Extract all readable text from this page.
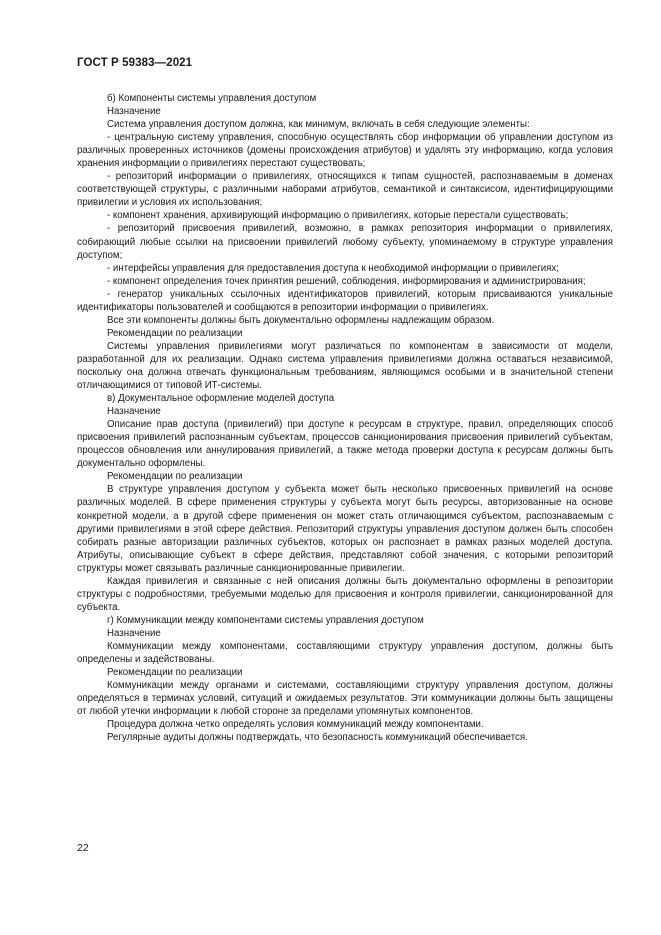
ГОСТ Р 59383—2021

б) Компоненты системы управления доступом

Назначение

Система управления доступом должна, как минимум, включать в себя следующие элементы:

- центральную систему управления, способную осуществлять сбор информации об управлении доступом из различных проверенных источников (домены происхождения атрибутов) и удалять эту информацию, когда условия хранения информации о привилегиях перестают существовать;

- репозиторий информации о привилегиях, относящихся к типам сущностей, распознаваемым в доменах соответствующей структуры, с различными наборами атрибутов, семантикой и синтаксисом, идентифицирующими привилегии и условия их использования;

- компонент хранения, архивирующий информацию о привилегиях, которые перестали существовать;

- репозиторий присвоения привилегий, возможно, в рамках репозитория информации о привилегиях, собирающий любые ссылки на присвоении привилегий любому субъекту, упоминаемому в структуре управления доступом;

- интерфейсы управления для предоставления доступа к необходимой информации о привилегиях;

- компонент определения точек принятия решений, соблюдения, информирования и администрирования;

- генератор уникальных ссылочных идентификаторов привилегий, которым присваиваются уникальные идентификаторы пользователей и сообщаются в репозитории информации о привилегиях.

Все эти компоненты должны быть документально оформлены надлежащим образом.

Рекомендации по реализации

Системы управления привилегиями могут различаться по компонентам в зависимости от модели, разработанной для их реализации. Однако система управления привилегиями должна оставаться независимой, поскольку она должна отвечать функциональным требованиям, являющимся особыми и в значительной степени отличающимися от типовой ИТ-системы.

в) Документальное оформление моделей доступа

Назначение

Описание прав доступа (привилегий) при доступе к ресурсам в структуре, правил, определяющих способ присвоения привилегий распознанным субъектам, процессов санкционирования присвоения привилегий субъектам, процессов обновления или аннулирования привилегий, а также метода проверки доступа к ресурсам должны быть документально оформлены.

Рекомендации по реализации

В структуре управления доступом у субъекта может быть несколько присвоенных привилегий на основе различных моделей. В сфере применения структуры у субъекта могут быть ресурсы, авторизованные на основе конкретной модели, а в другой сфере применения он может стать отличающимся субъектом, распознаваемым с другими привилегиями в этой сфере действия. Репозиторий структуры управления доступом должен быть способен собирать разные авторизации различных субъектов, которых он распознает в рамках разных моделей доступа. Атрибуты, описывающие субъект в сфере действия, представляют собой значения, с которыми репозиторий структуры может связывать различные санкционированные привилегии.

Каждая привилегия и связанные с ней описания должны быть документально оформлены в репозитории структуры с подробностями, требуемыми моделью для присвоения и контроля привилегии, санкционированной для субъекта.

г) Коммуникации между компонентами системы управления доступом

Назначение

Коммуникации между компонентами, составляющими структуру управления доступом, должны быть определены и задействованы.

Рекомендации по реализации

Коммуникации между органами и системами, составляющими структуру управления доступом, должны определяться в терминах условий, ситуаций и ожидаемых результатов. Эти коммуникации должны быть защищены от любой утечки информации к любой стороне за пределами упомянутых компонентов.

Процедура должна четко определять условия коммуникаций между компонентами.

Регулярные аудиты должны подтверждать, что безопасность коммуникаций обеспечивается.

22
